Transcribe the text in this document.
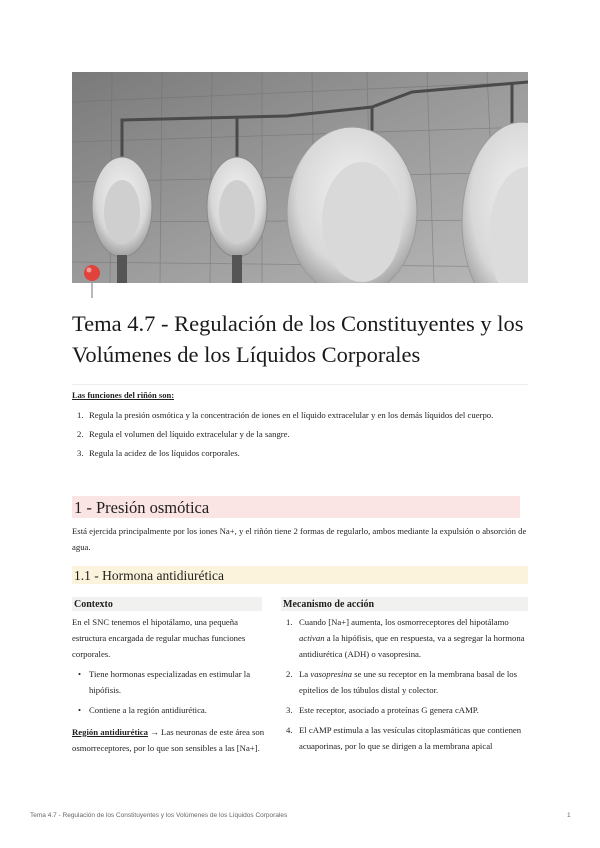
Tema 4.7 - Regulación de los Constituyentes y los Volúmenes de los Líquidos Corporales
Las funciones del riñón son:
1. Regula la presión osmótica y la concentración de iones en el líquido extracelular y en los demás líquidos del cuerpo.
2. Regula el volumen del líquido extracelular y de la sangre.
3. Regula la acidez de los líquidos corporales.
1 - Presión osmótica
Está ejercida principalmente por los iones Na+, y el riñón tiene 2 formas de regularlo, ambos mediante la expulsión o absorción de agua.
1.1 - Hormona antidiurética
Contexto	Mecanismo de acción

En el SNC tenemos el hipotálamo, una pequeña estructura encargada de regular muchas funciones corporales.

• Tiene hormonas especializadas en estimular la hipófisis.
• Contiene a la región antidiurética.

Región antidiurética → Las neuronas de este área son osmorreceptores, por lo que son sensibles a las [Na+].

1. Cuando [Na+] aumenta, los osmorreceptores del hipotálamo activan a la hipófisis, que en respuesta, va a segregar la hormona antidiurética (ADH) o vasopresina.
2. La vasopresina se une su receptor en la membrana basal de los epitelios de los túbulos distal y colector.
3. Este receptor, asociado a proteínas G genera cAMP.
4. El cAMP estimula a las vesículas citoplasmáticas que contienen acuaporinas, por lo que se dirigen a la membrana apical
Tema 4.7 - Regulación de los Constituyentes y los Volúmenes de los Líquidos Corporales	1
